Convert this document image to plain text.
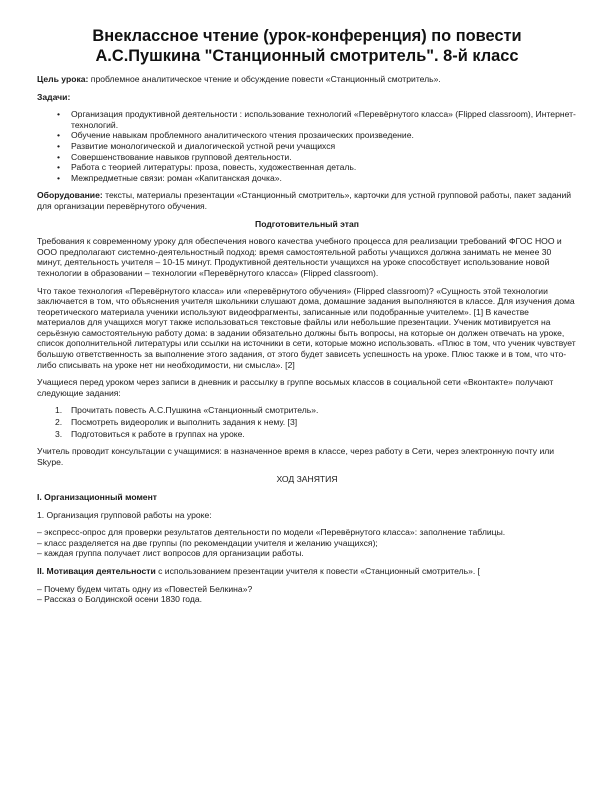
Внеклассное чтение (урок-конференция) по повести
А.С.Пушкина "Станционный смотритель". 8-й класс

Цель урока: проблемное аналитическое чтение и обсуждение повести «Станционный смотритель».

Задачи:

• Организация продуктивной деятельности : использование технологий «Перевёрнутого класса» (Flipped classroom), Интернет-технологий.
• Обучение навыкам проблемного аналитического чтения прозаических произведение.
• Развитие монологической и диалогической устной речи учащихся
• Совершенствование навыков групповой деятельности.
• Работа с теорией литературы: проза, повесть, художественная деталь.
• Межпредметные связи: роман «Капитанская дочка».

Оборудование: тексты, материалы презентации «Станционный смотритель», карточки для устной групповой работы, пакет заданий для организации перевёрнутого обучения.

Подготовительный этап

Требования к современному уроку для обеспечения нового качества учебного процесса для реализации требований ФГОС НОО и ООО предполагают системно-деятельностный подход: время самостоятельной работы учащихся должна занимать не менее 30 минут, деятельность учителя – 10-15 минут. Продуктивной деятельности учащихся на уроке способствует использование новой технологии в образовании – технологии «Перевёрнутого класса» (Flipped classroom).

Что такое технология «Перевёрнутого класса» или «перевёрнутого обучения» (Flipped classroom)? «Сущность этой технологии заключается в том, что объяснения учителя школьники слушают дома, домашние задания выполняются в классе. Для изучения дома теоретического материала ученики используют видеофрагменты, записанные или подобранные учителем». [1] В качестве материалов для учащихся могут также использоваться текстовые файлы или небольшие презентации. Ученик мотивируется на серьёзную самостоятельную работу дома: в задании обязательно должны быть вопросы, на которые он должен отвечать на уроке, список дополнительной литературы или ссылки на источники в сети, которые можно использовать. «Плюс в том, что ученик чувствует большую ответственность за выполнение этого задания, от этого будет зависеть успешность на уроке. Плюс также и в том, что что-либо списывать на уроке нет ни необходимости, ни смысла». [2]

Учащиеся перед уроком через записи в дневник и рассылку в группе восьмых классов в социальной сети «Вконтакте» получают следующие задания:

1. Прочитать повесть А.С.Пушкина «Станционный смотритель».
2. Посмотреть видеоролик и выполнить задания к нему. [3]
3. Подготовиться к работе в группах на уроке.

Учитель проводит консультации с учащимися: в назначенное время в классе, через работу в Сети, через электронную почту или Skype.

ХОД ЗАНЯТИЯ

I. Организационный момент

1. Организация групповой работы на уроке:

– экспресс-опрос для проверки результатов деятельности по модели «Перевёрнутого класса»: заполнение таблицы.

– класс разделяется на две группы (по рекомендации учителя и желанию учащихся);

– каждая группа получает лист вопросов для организации работы.

II. Мотивация деятельности с использованием презентации учителя к повести «Станционный смотритель». [

– Почему будем читать одну из «Повестей Белкина»?

– Рассказ о Болдинской осени 1830 года.
